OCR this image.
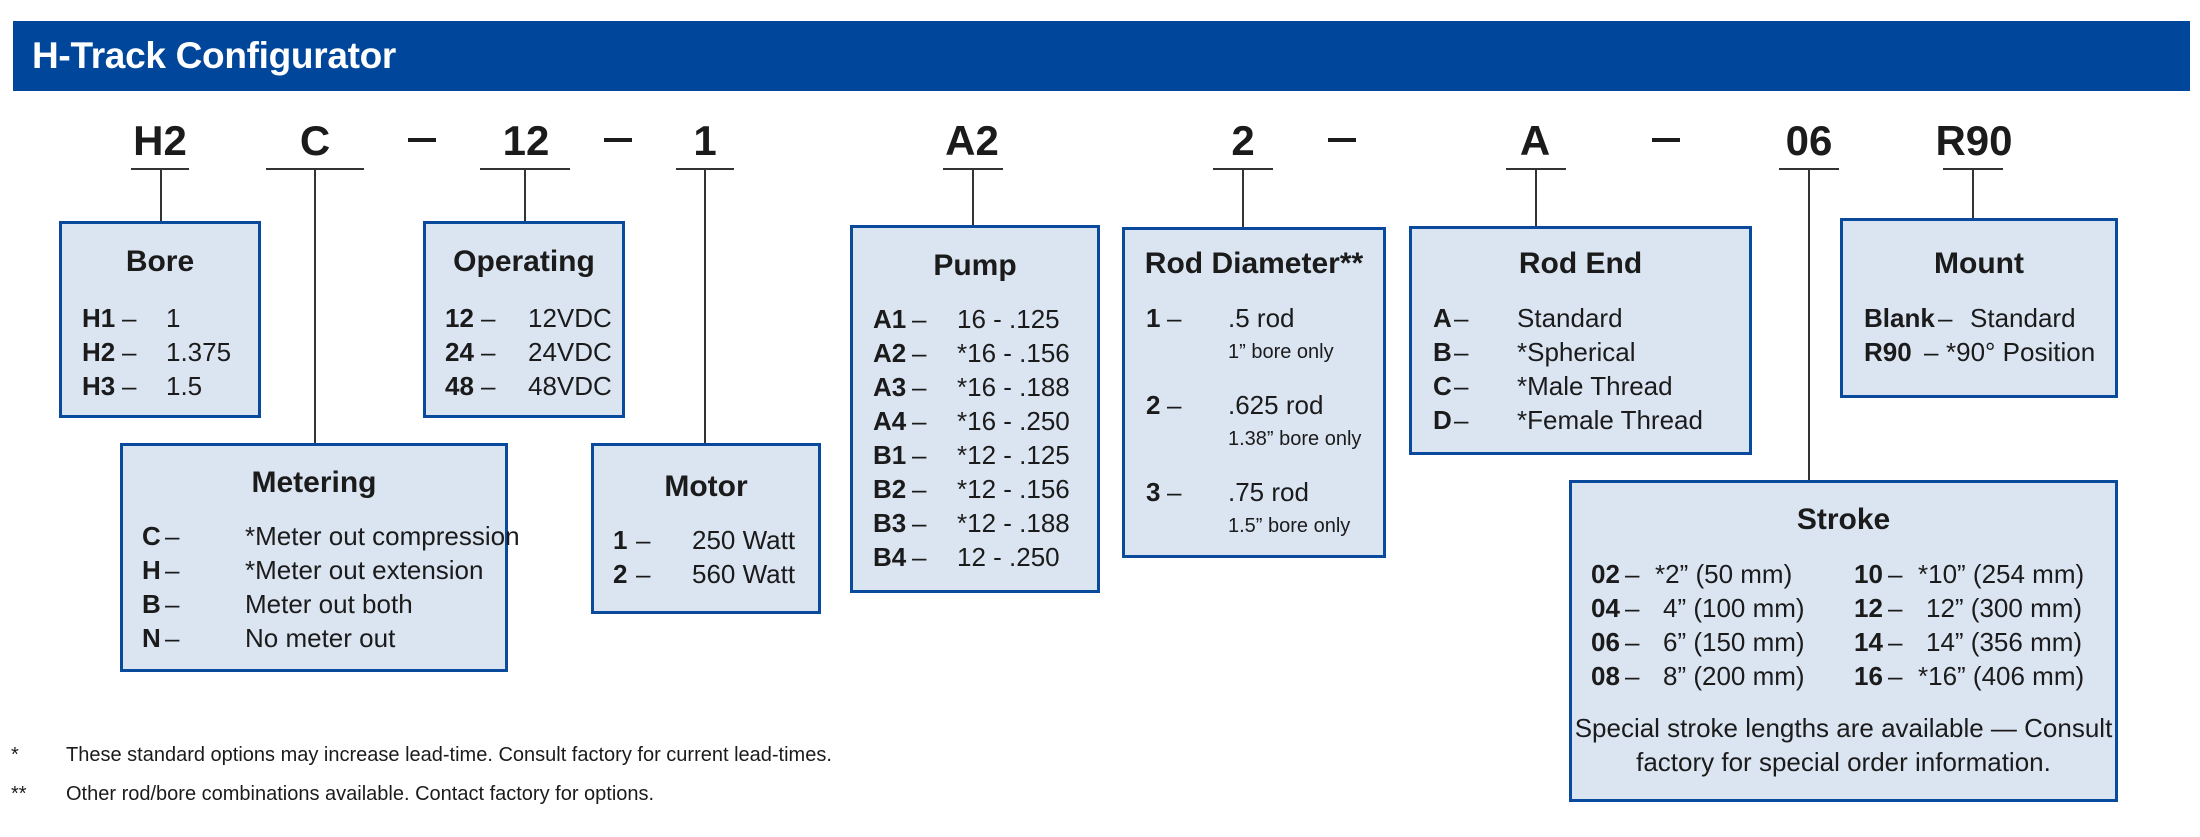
H-Track Configurator
H2	C	12	1	A2	2	A	06 R90
Bore
H1 – 1
H2 – 1.375
H3 – 1.5
Metering
C –	*Meter out compression
H –	*Meter out extension
B –	Meter out both
N –	No meter out
Operating
12 – 12VDC
24 – 24VDC
48 – 48VDC
Motor
1 – 250 Watt
2 – 560 Watt
Pump
A1 – 16 - .125
A2 – *16 - .156
A3 – *16 - .188
A4 – *16 - .250
B1 – *12 - .125
B2 – *12 - .156
B3 – *12 - .188
B4 – 12 - .250
Rod Diameter**
1 – .5 rod
1” bore only
2 – .625 rod
1.38” bore only
3 – .75 rod
1.5” bore only
Rod End
A – Standard
B – *Spherical
C – *Male Thread
D – *Female Thread
Mount
Blank – Standard
R90 – *90° Position
Stroke
02 – *2” (50 mm)
04 – 4” (100 mm)
06 – 6” (150 mm)
08 – 8” (200 mm)
10 – *10” (254 mm)
12 – 12” (300 mm)
14 – 14” (356 mm)
16 – *16” (406 mm)
Special stroke lengths are available — Consult
factory for special order information.
* These standard options may increase lead-time. Consult factory for current lead-times.
** Other rod/bore combinations available. Contact factory for options.
